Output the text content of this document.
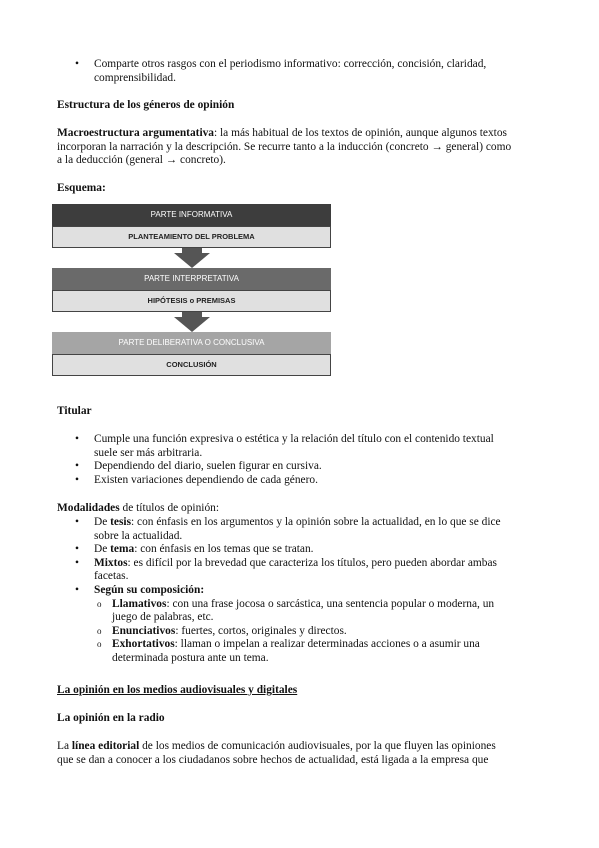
• Comparte otros rasgos con el periodismo informativo: corrección, concisión, claridad,
comprensibilidad.

Estructura de los géneros de opinión

Macroestructura argumentativa: la más habitual de los textos de opinión, aunque algunos textos
incorporan la narración y la descripción. Se recurre tanto a la inducción (concreto → general) como
a la deducción (general → concreto).

Esquema:

PARTE INFORMATIVA
PLANTEAMIENTO DEL PROBLEMA
PARTE INTERPRETATIVA
HIPÓTESIS o PREMISAS
PARTE DELIBERATIVA O CONCLUSIVA
CONCLUSIÓN

Titular

• Cumple una función expresiva o estética y la relación del título con el contenido textual
suele ser más arbitraria.
• Dependiendo del diario, suelen figurar en cursiva.
• Existen variaciones dependiendo de cada género.

Modalidades de títulos de opinión:

• De tesis: con énfasis en los argumentos y la opinión sobre la actualidad, en lo que se dice
sobre la actualidad.
• De tema: con énfasis en los temas que se tratan.
• Mixtos: es difícil por la brevedad que caracteriza los títulos, pero pueden abordar ambas
facetas.
• Según su composición:
o Llamativos: con una frase jocosa o sarcástica, una sentencia popular o moderna, un
juego de palabras, etc.
o Enunciativos: fuertes, cortos, originales y directos.
o Exhortativos: llaman o impelan a realizar determinadas acciones o a asumir una
determinada postura ante un tema.

La opinión en los medios audiovisuales y digitales

La opinión en la radio

La línea editorial de los medios de comunicación audiovisuales, por la que fluyen las opiniones
que se dan a conocer a los ciudadanos sobre hechos de actualidad, está ligada a la empresa que
